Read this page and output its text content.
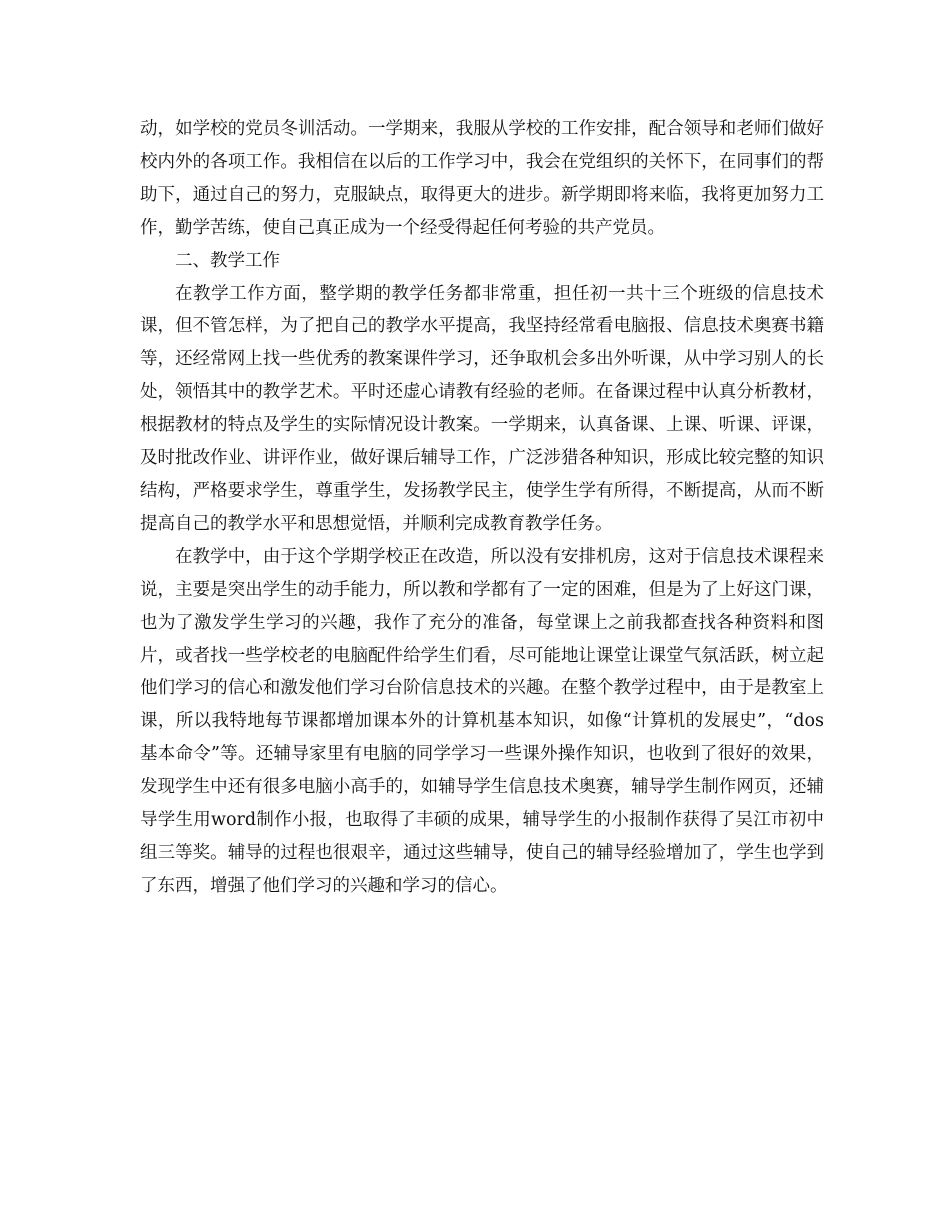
动，如学校的党员冬训活动。一学期来，我服从学校的工作安排，配合领导和老师们做好校内外的各项工作。我相信在以后的工作学习中，我会在党组织的关怀下，在同事们的帮助下，通过自己的努力，克服缺点，取得更大的进步。新学期即将来临，我将更加努力工作，勤学苦练，使自己真正成为一个经受得起任何考验的共产党员。

二、教学工作

在教学工作方面，整学期的教学任务都非常重，担任初一共十三个班级的信息技术课，但不管怎样，为了把自己的教学水平提高，我坚持经常看电脑报、信息技术奥赛书籍等，还经常网上找一些优秀的教案课件学习，还争取机会多出外听课，从中学习别人的长处，领悟其中的教学艺术。平时还虚心请教有经验的老师。在备课过程中认真分析教材，根据教材的特点及学生的实际情况设计教案。一学期来，认真备课、上课、听课、评课，及时批改作业、讲评作业，做好课后辅导工作，广泛涉猎各种知识，形成比较完整的知识结构，严格要求学生，尊重学生，发扬教学民主，使学生学有所得，不断提高，从而不断提高自己的教学水平和思想觉悟，并顺利完成教育教学任务。

在教学中，由于这个学期学校正在改造，所以没有安排机房，这对于信息技术课程来说，主要是突出学生的动手能力，所以教和学都有了一定的困难，但是为了上好这门课，也为了激发学生学习的兴趣，我作了充分的准备，每堂课上之前我都查找各种资料和图片，或者找一些学校老的电脑配件给学生们看，尽可能地让课堂让课堂气氛活跃，树立起他们学习的信心和激发他们学习台阶信息技术的兴趣。在整个教学过程中，由于是教室上课，所以我特地每节课都增加课本外的计算机基本知识，如像“计算机的发展史”，“dos基本命令”等。还辅导家里有电脑的同学学习一些课外操作知识，也收到了很好的效果，发现学生中还有很多电脑小高手的，如辅导学生信息技术奥赛，辅导学生制作网页，还辅导学生用word制作小报，也取得了丰硕的成果，辅导学生的小报制作获得了吴江市初中组三等奖。辅导的过程也很艰辛，通过这些辅导，使自己的辅导经验增加了，学生也学到了东西，增强了他们学习的兴趣和学习的信心。
